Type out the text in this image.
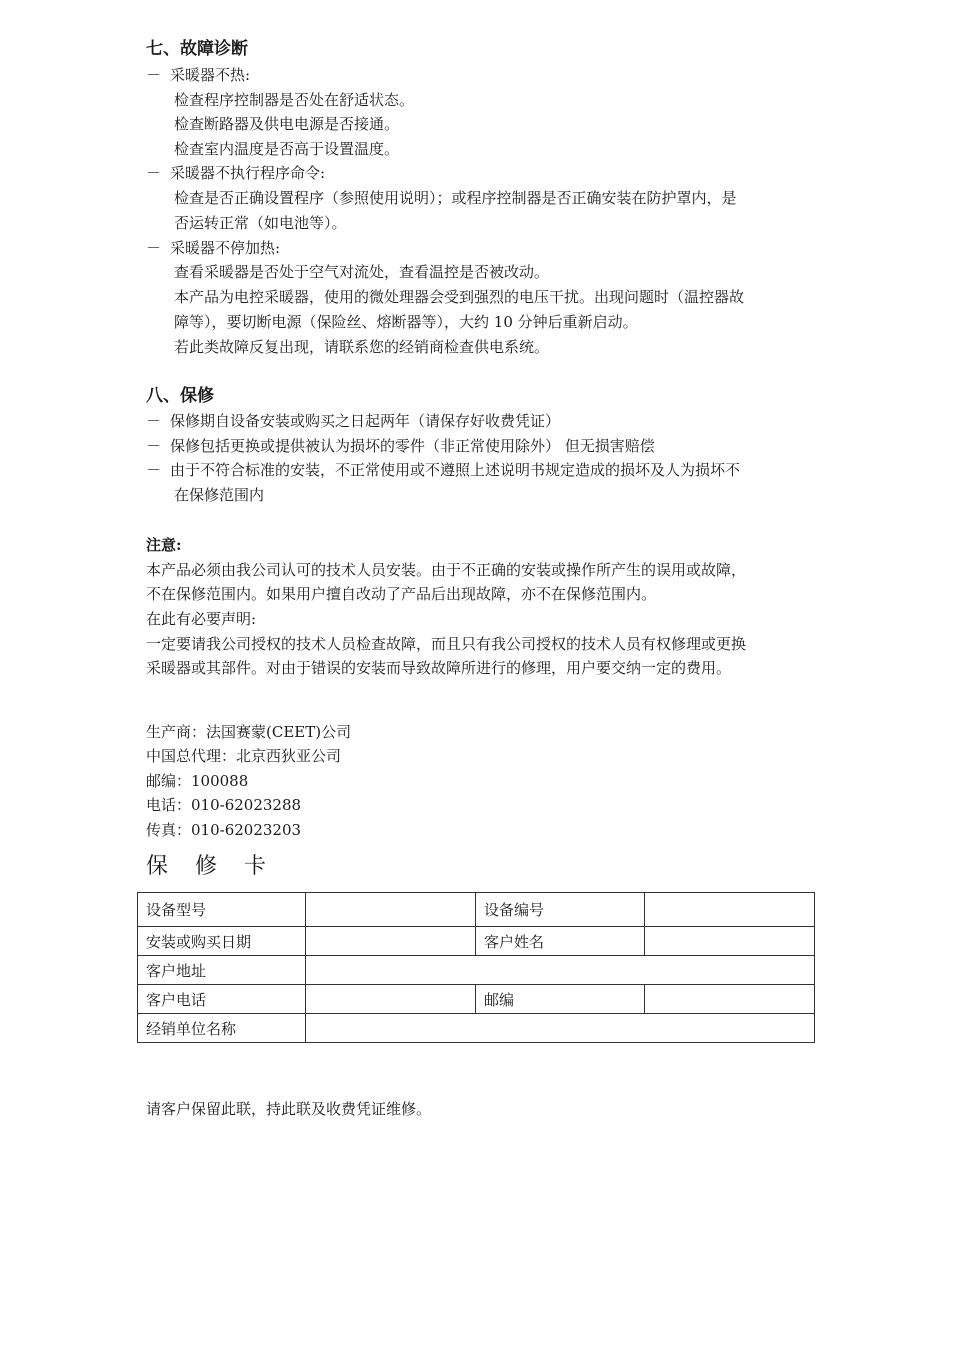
七、故障诊断
－ 采暖器不热:
检查程序控制器是否处在舒适状态。
检查断路器及供电电源是否接通。
检查室内温度是否高于设置温度。
－ 采暖器不执行程序命令:
检查是否正确设置程序（参照使用说明）；或程序控制器是否正确安装在防护罩内，是
否运转正常（如电池等）。
－ 采暖器不停加热:
查看采暖器是否处于空气对流处，查看温控是否被改动。
本产品为电控采暖器，使用的微处理器会受到强烈的电压干扰。出现问题时（温控器故
障等），要切断电源（保险丝、熔断器等），大约 10 分钟后重新启动。
若此类故障反复出现，请联系您的经销商检查供电系统。
八、保修
－ 保修期自设备安装或购买之日起两年（请保存好收费凭证）
－ 保修包括更换或提供被认为损坏的零件（非正常使用除外） 但无损害赔偿
－ 由于不符合标准的安装，不正常使用或不遵照上述说明书规定造成的损坏及人为损坏不
在保修范围内
注意:
本产品必须由我公司认可的技术人员安装。由于不正确的安装或操作所产生的误用或故障，
不在保修范围内。如果用户擅自改动了产品后出现故障，亦不在保修范围内。
在此有必要声明:
一定要请我公司授权的技术人员检查故障，而且只有我公司授权的技术人员有权修理或更换
采暖器或其部件。对由于错误的安装而导致故障所进行的修理，用户要交纳一定的费用。
生产商：法国赛蒙(CEET)公司
中国总代理：北京西狄亚公司
邮编：100088
电话：010-62023288
传真：010-62023203
保 修 卡
设备型号		设备编号	
安装或购买日期		客户姓名	
客户地址			
客户电话		邮编	
经销单位名称			
请客户保留此联，持此联及收费凭证维修。
